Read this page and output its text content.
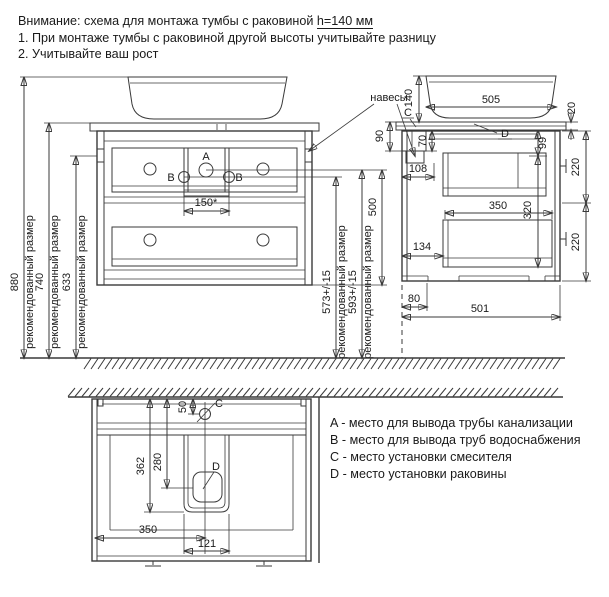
Внимание: схема для монтажа тумбы с раковиной h=140 мм
1. При монтаже тумбы с раковиной другой высоты учитывайте разницу
2. Учитывайте ваш рост
A
B	B
150*
880 рекомендованный размер
740 рекомендованный размер 633 рекомендованный размер	573+/-15 рекомендованный размер 593+/-15 рекомендованный размер
500
навесы	505
140
C
90	70
108
D
99
320
20
220
220
350
134
80
501
C
D
50
362 280
350
121
A - место для вывода трубы канализации
B - место для вывода труб водоснабжения
C - место установки смесителя
D - место установки раковины
